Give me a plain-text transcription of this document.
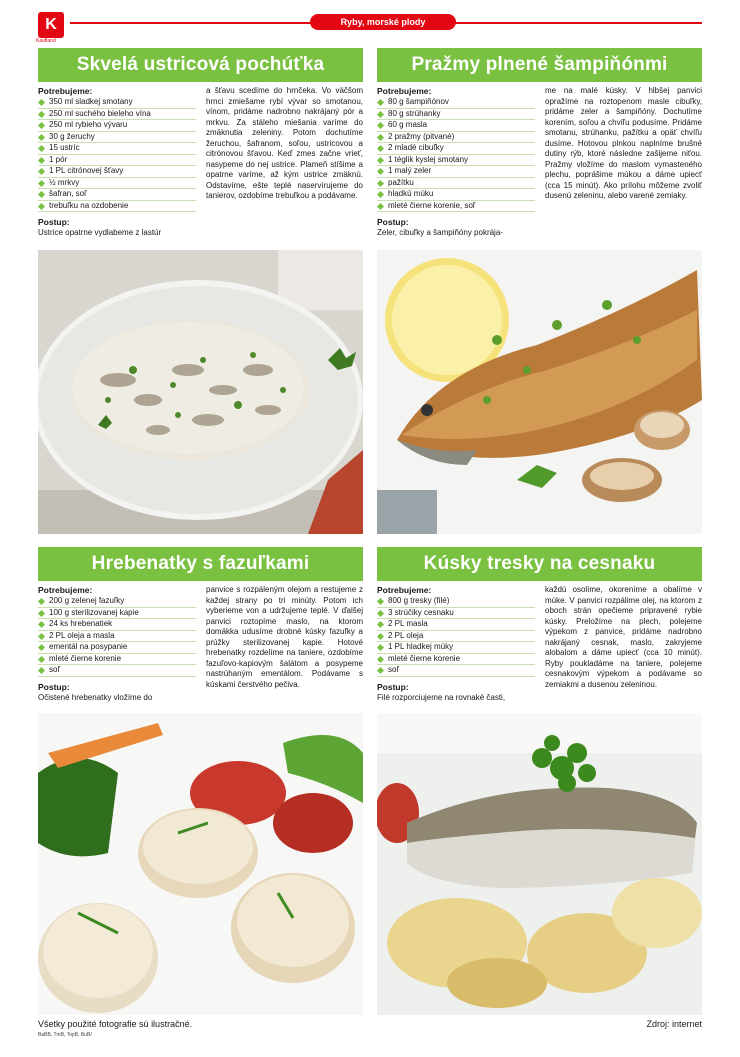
K
Kaufland
Ryby, morské plody
Skvelá ustricová pochúťka
Potrebujeme:
350 ml sladkej smotany
250 ml suchého bieleho vína
250 ml rybieho vývaru
30 g žeruchy
15 ustríc
1 pór
1 PL citrónovej šťavy
½ mrkvy
šafran, soľ
trebuľku na ozdobenie
Postup:
Ustrice opatrne vydlabeme z lastúr
a šťavu scedíme do hrnčeka. Vo väčšom hrnci zmiešame rybí vývar so smotanou, vínom, pridáme nadrobno nakrájaný pór a mrkvu. Za stáleho miešania varíme do zmäknutia zeleniny. Potom dochutíme žeruchou, šafranom, soľou, ustricovou a citrónovou šťavou. Keď zmes začne vrieť, nasypeme do nej ustrice. Plameň stíšime a opatrne varíme, až kým ustrice zmäknú. Odstavíme, ešte teplé naservírujeme do tanierov, ozdobíme trebuľkou a podávame.
Pražmy plnené šampiňónmi
Potrebujeme:
80 g šampiňónov
80 g strúhanky
60 g masla
2 pražmy (pitvané)
2 mladé cibuľky
1 téglik kyslej smotany
1 malý zeler
pažítku
hladkú múku
mleté čierne korenie, soľ
Postup:
Zeler, cibuľky a šampiňóny pokrája-
me na malé kúsky. V hlbšej panvici opražíme na roztopenom masle cibuľky, pridáme zeler a šampiňóny. Dochutíme korením, soľou a chvíľu podusíme. Pridáme smotanu, strúhanku, pažítku a opäť chvíľu dusíme. Hotovou plnkou naplníme brušné dutiny rýb, ktoré následne zašijeme niťou. Pražmy vložíme do maslom vymasteného plechu, poprášime múkou a dáme upiecť (cca 15 minút). Ako prílohu môžeme zvoliť dusenú zeleninu, alebo varené zemiaky.
Hrebenatky s fazuľkami
Potrebujeme:
200 g zelenej fazuľky
100 g sterilizovanej kapie
24 ks hrebenatiek
2 PL oleja a masla
ementál na posypanie
mleté čierne korenie
soľ
Postup:
Očistené hrebenatky vložíme do
panvice s rozpáleným olejom a restujeme z každej strany po tri minúty. Potom ich vyberieme von a udržujeme teplé. V ďalšej panvici roztopíme maslo, na ktorom domäkka udusíme drobné kúsky fazuľky a prúžky sterilizovanej kapie. Hotové hrebenatky rozdelíme na taniere, ozdobíme fazuľovo-kapiovým šalátom a posypeme nastrúhaným ementálom. Podávame s kúskami čerstvého pečiva.
Kúsky tresky na cesnaku
Potrebujeme:
800 g tresky (filé)
3 strúčiky cesnaku
2 PL masla
2 PL oleja
1 PL hladkej múky
mleté čierne korenie
soľ
Postup:
Filé rozporciujeme na rovnaké časti,
každú osolíme, okoreníme a obalíme v múke. V panvici rozpálime olej, na ktorom z oboch strán opečieme pripravené rybie kúsky. Preložíme na plech, polejeme výpekom z panvice, pridáme nadrobno nakrájaný cesnak, maslo, zakryjeme alobalom a dáme upiecť (cca 10 minút). Ryby poukladáme na taniere, polejeme cesnakovým výpekom a podávame so zemiakmi a dusenou zeleninou.
Všetky použité fotografie sú ilustračné.
BaBB, TmB, TopB, BuB/
Zdroj: internet
